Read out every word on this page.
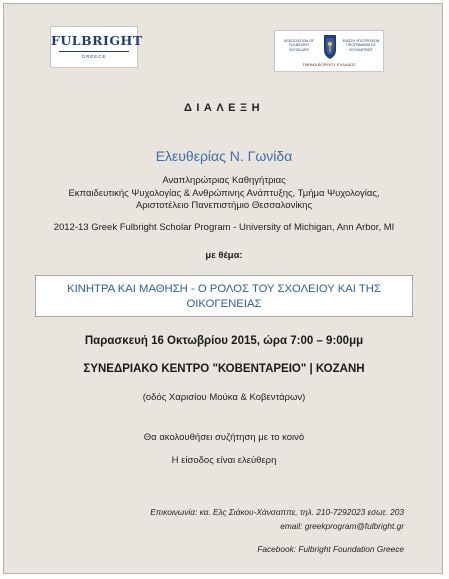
FULBRIGHT
GREECE
ASSOCIATION OF FULBRIGHT SCHOLARS
ΕΝΩΣΗ ΥΠΟΤΡΟΦΩΝ ΠΡΟΓΡΑΜΜΑΤΟΣ ΦΟΥΛΜΠΡΑΪΤ
ΤΜΗΜΑ ΒΟΡΕΙΟΥ ΕΛΛΑΔΟΣ
ΔΙΑΛΕΞΗ
Ελευθερίας Ν. Γωνίδα
Αναπληρώτριας Καθηγήτριας
Εκπαιδευτικής Ψυχολογίας & Ανθρώπινης Ανάπτυξης, Τμήμα Ψυχολογίας,
Αριστοτέλειο Πανεπιστήμιο Θεσσαλονίκης
2012-13 Greek Fulbright Scholar Program - University of Michigan, Ann Arbor, MI
με θέμα:
ΚΙΝΗΤΡΑ ΚΑΙ ΜΑΘΗΣΗ - Ο ΡΟΛΟΣ ΤΟΥ ΣΧΟΛΕΙΟΥ ΚΑΙ ΤΗΣ
ΟΙΚΟΓΕΝΕΙΑΣ
Παρασκευή 16 Οκτωβρίου 2015, ώρα 7:00 – 9:00μμ
ΣΥΝΕΔΡΙΑΚΟ ΚΕΝΤΡΟ "ΚΟΒΕΝΤΑΡΕΙΟ" | ΚΟΖΑΝΗ
(οδός Χαρισίου Μούκα & Κοβεντάρων)
Θα ακολουθήσει συζήτηση με το κοινό
Η είσοδος είναι ελεύθερη
Επικοινωνία: κα. Ελς Σιάκου-Χάνσαππε, τηλ. 210-7292023 εσωτ. 203
email: greekprogram@fulbright.gr
Facebook: Fulbright Foundation Greece
